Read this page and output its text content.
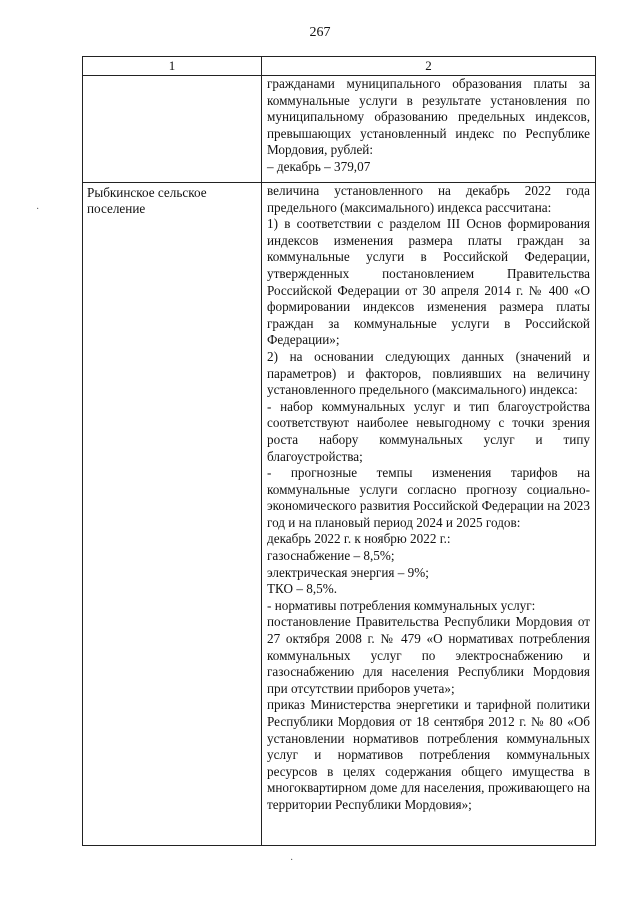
267
1	2

гражданами муниципального образования платы за коммунальные услуги в результате установления по муниципальному образованию предельных индексов, превышающих установленный индекс по Республике Мордовия, рублей:

– декабрь – 379,07

Рыбкинское сельское поселение

величина установленного на декабрь 2022 года предельного (максимального) индекса рассчитана:

1) в соответствии с разделом III Основ формирования индексов изменения размера платы граждан за коммунальные услуги в Российской Федерации, утвержденных постановлением Правительства Российской Федерации от 30 апреля 2014 г. № 400 «О формировании индексов изменения размера платы граждан за коммунальные услуги в Российской Федерации»;

2) на основании следующих данных (значений и параметров) и факторов, повлиявших на величину установленного предельного (максимального) индекса:

- набор коммунальных услуг и тип благоустройства соответствуют наиболее невыгодному с точки зрения роста набору коммунальных услуг и типу благоустройства;

- прогнозные темпы изменения тарифов на коммунальные услуги согласно прогнозу социально-экономического развития Российской Федерации на 2023 год и на плановый период 2024 и 2025 годов:

декабрь 2022 г. к ноябрю 2022 г.:

газоснабжение – 8,5%;

электрическая энергия – 9%;

ТКО – 8,5%.

- нормативы потребления коммунальных услуг:

постановление Правительства Республики Мордовия от 27 октября 2008 г. № 479 «О нормативах потребления коммунальных услуг по электроснабжению и газоснабжению для населения Республики Мордовия при отсутствии приборов учета»;

приказ Министерства энергетики и тарифной политики Республики Мордовия от 18 сентября 2012 г. № 80 «Об установлении нормативов потребления коммунальных услуг и нормативов потребления коммунальных ресурсов в целях содержания общего имущества в многоквартирном доме для населения, проживающего на территории Республики Мордовия»;

·
·
